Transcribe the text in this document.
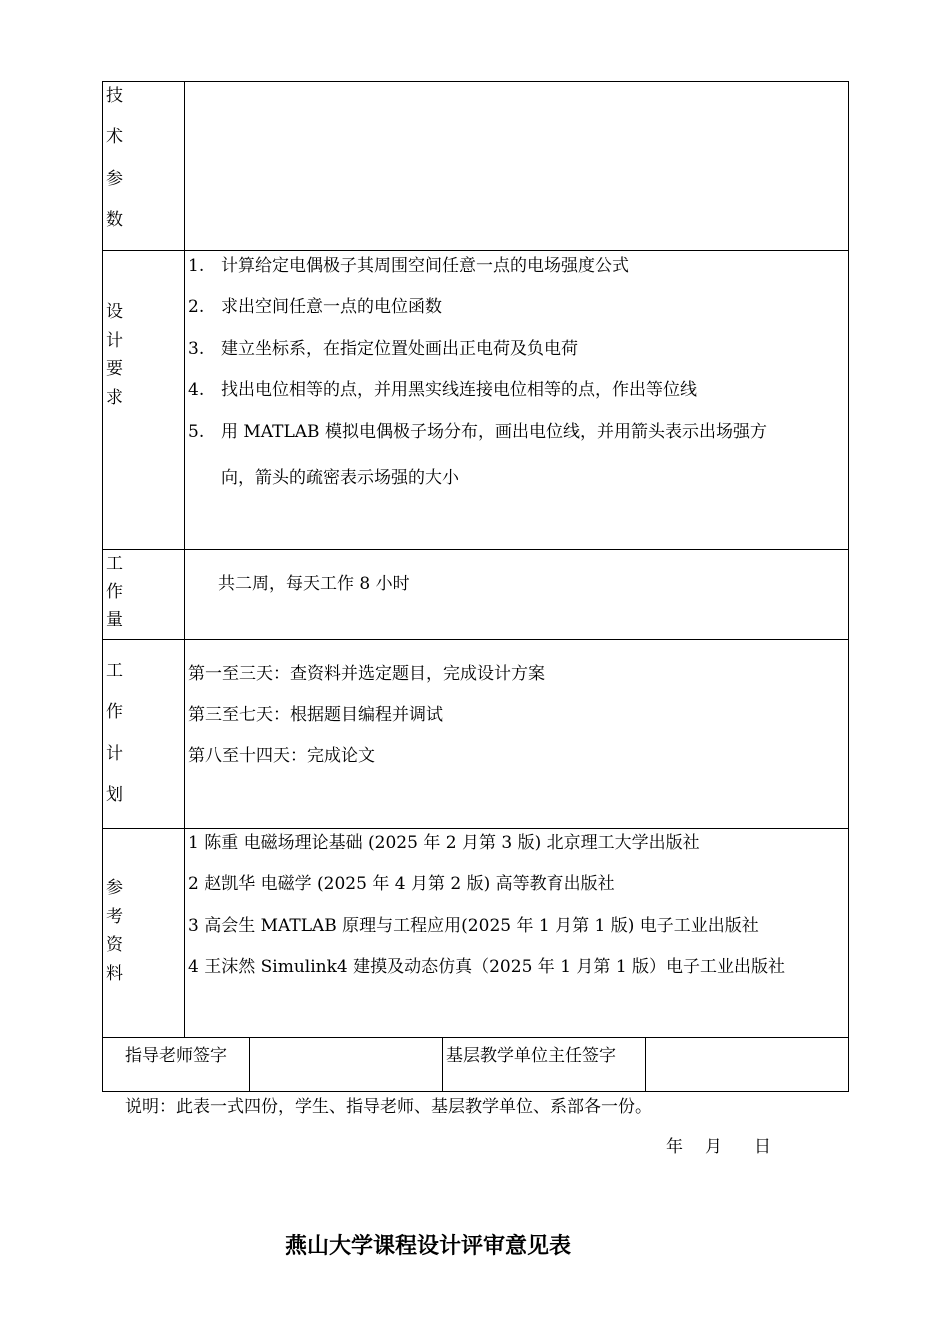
技
术
参
数
设
计
要
求
1. 计算给定电偶极子其周围空间任意一点的电场强度公式
2. 求出空间任意一点的电位函数
3. 建立坐标系，在指定位置处画出正电荷及负电荷
4. 找出电位相等的点，并用黑实线连接电位相等的点，作出等位线
5. 用 MATLAB 模拟电偶极子场分布，画出电位线，并用箭头表示出场强方
向，箭头的疏密表示场强的大小
工
作
量
共二周，每天工作 8 小时
工
作
计
划
第一至三天：查资料并选定题目，完成设计方案
第三至七天：根据题目编程并调试
第八至十四天：完成论文
参
考
资
料
1 陈重 电磁场理论基础 (2025 年 2 月第 3 版) 北京理工大学出版社
2 赵凯华 电磁学 (2025 年 4 月第 2 版) 高等教育出版社
3 高会生 MATLAB 原理与工程应用(2025 年 1 月第 1 版) 电子工业出版社
4 王沫然 Simulink4 建摸及动态仿真（2025 年 1 月第 1 版）电子工业出版社
指导老师签字	基层教学单位主任签字
说明：此表一式四份，学生、指导老师、基层教学单位、系部各一份。
年 月 日
燕山大学课程设计评审意见表
